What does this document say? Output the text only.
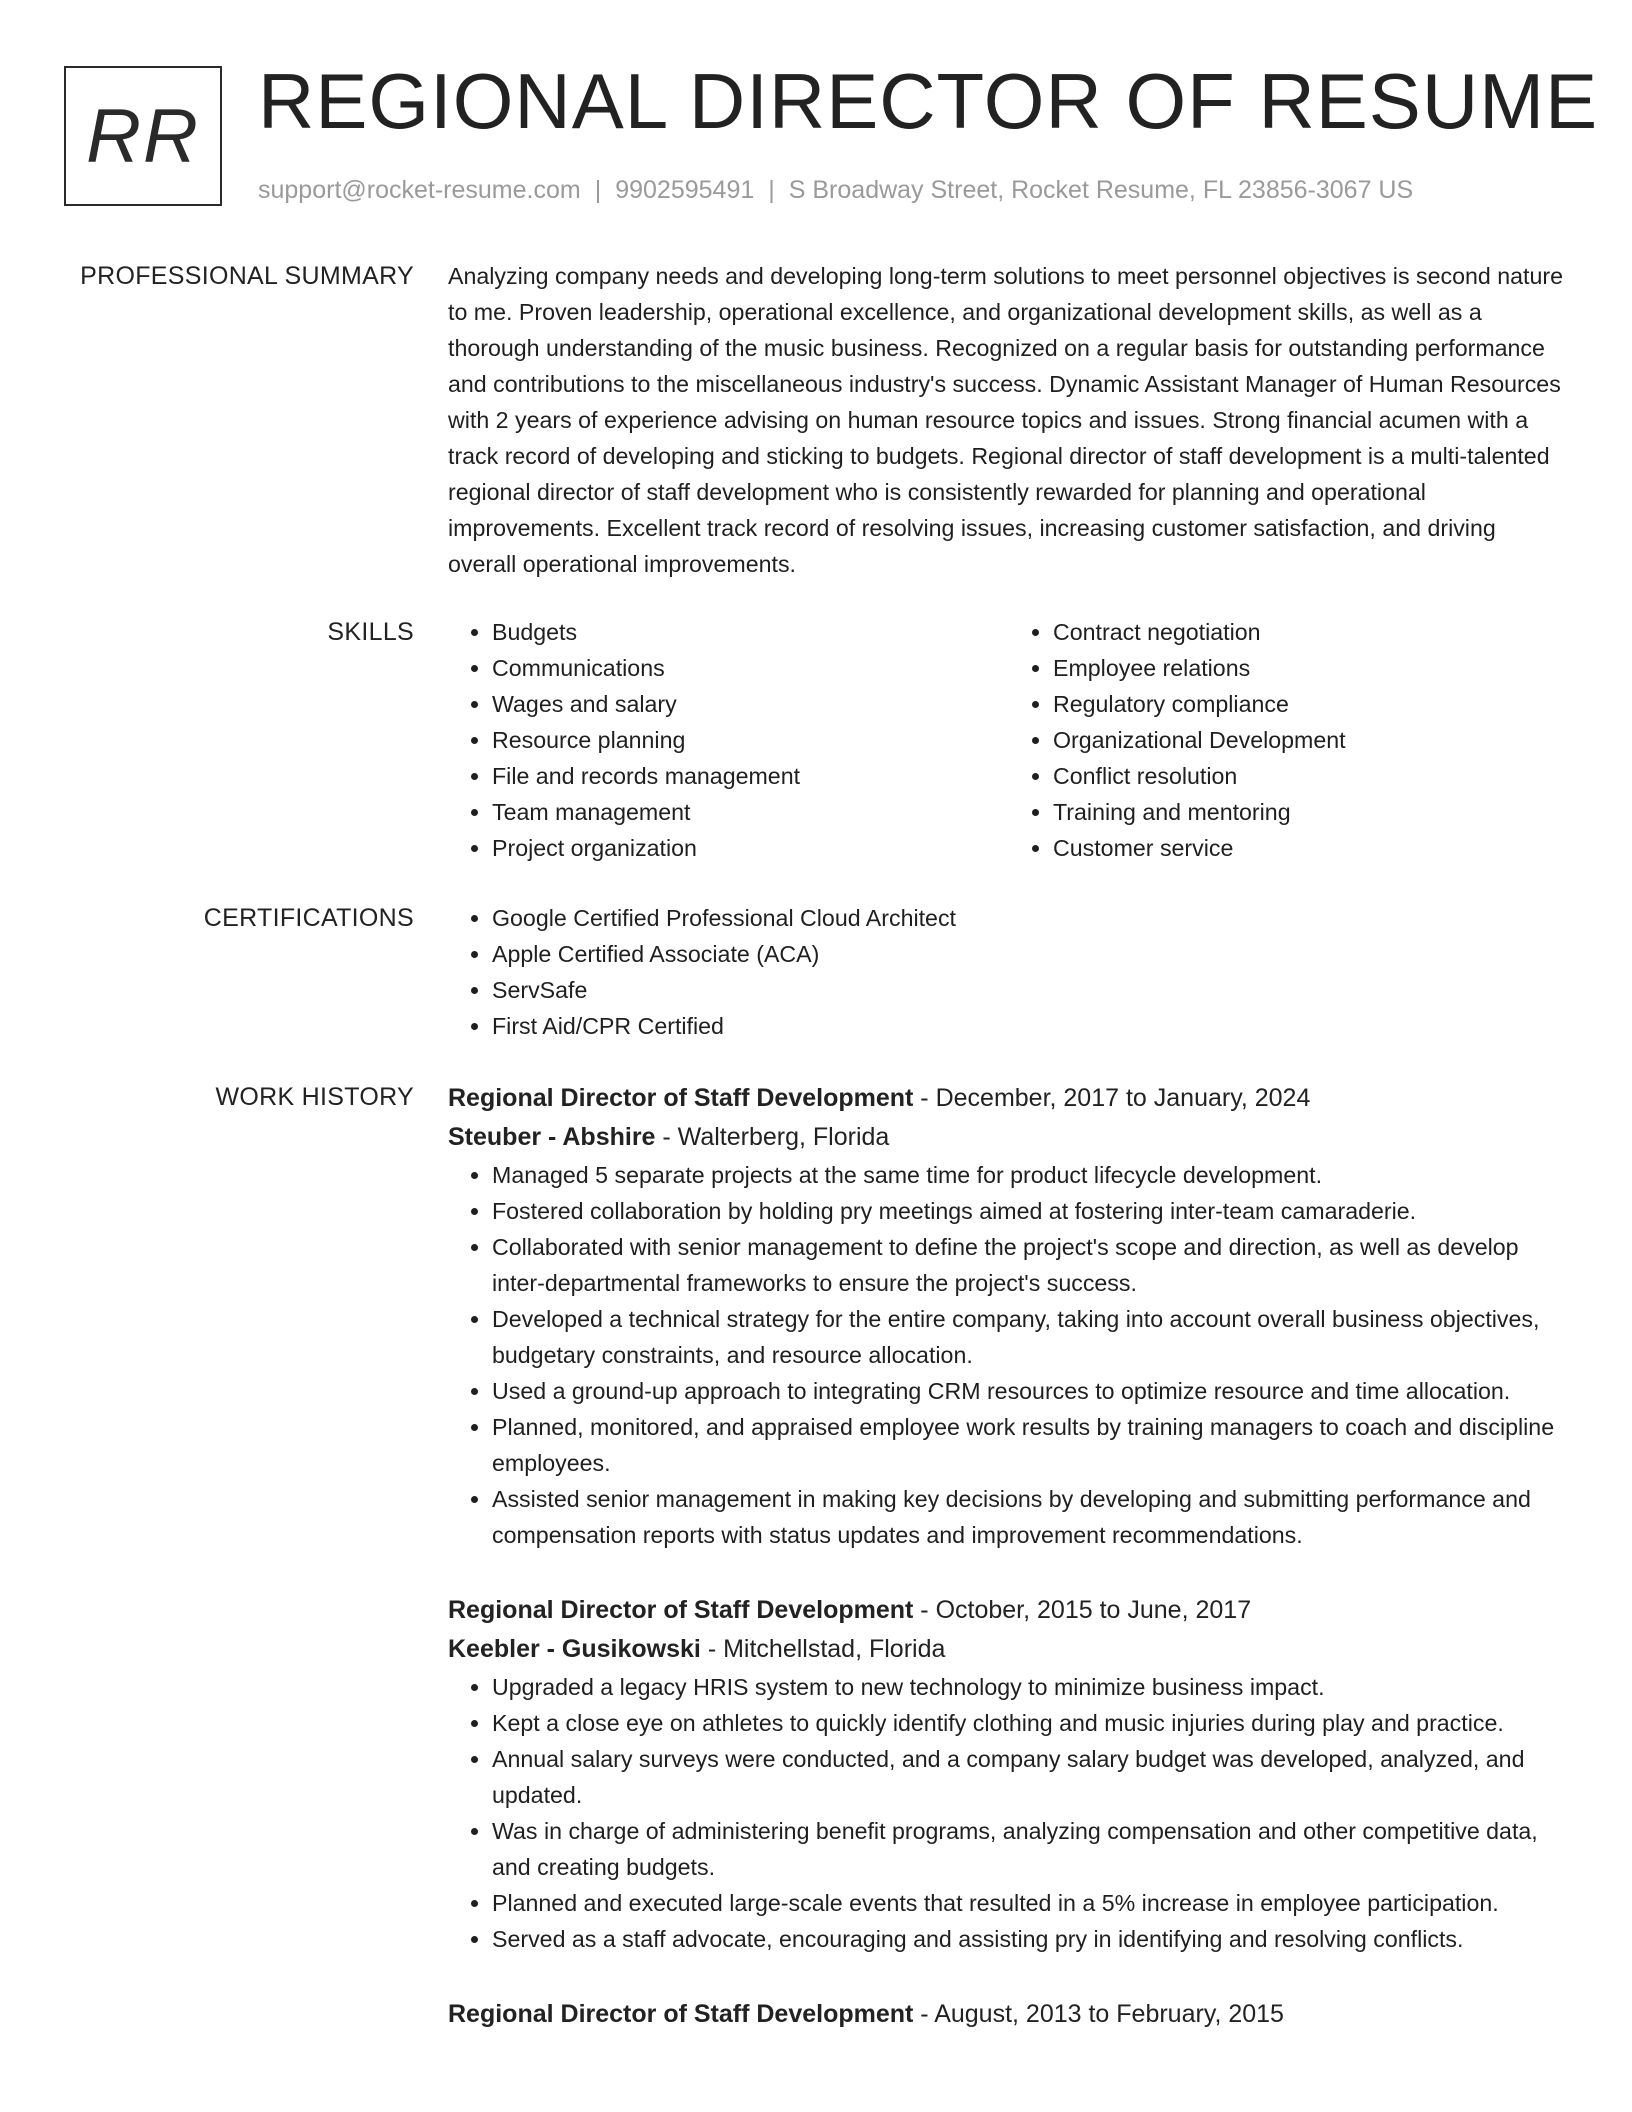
RR REGIONAL DIRECTOR OF RESUME
support@rocket-resume.com | 9902595491 | S Broadway Street, Rocket Resume, FL 23856-3067 US
PROFESSIONAL SUMMARY Analyzing company needs and developing long-term solutions to meet personnel objectives is second nature to me. Proven leadership, operational excellence, and organizational development skills, as well as a thorough understanding of the music business. Recognized on a regular basis for outstanding performance and contributions to the miscellaneous industry's success. Dynamic Assistant Manager of Human Resources with 2 years of experience advising on human resource topics and issues. Strong financial acumen with a track record of developing and sticking to budgets. Regional director of staff development is a multi-talented regional director of staff development who is consistently rewarded for planning and operational improvements. Excellent track record of resolving issues, increasing customer satisfaction, and driving overall operational improvements.
SKILLS	• Budgets
• Communications
• Wages and salary
• Resource planning
• File and records management
• Team management
• Project organization
• Contract negotiation
• Employee relations
• Regulatory compliance
• Organizational Development
• Conflict resolution
• Training and mentoring
• Customer service
CERTIFICATIONS	• Google Certified Professional Cloud Architect
• Apple Certified Associate (ACA)
• ServSafe
• First Aid/CPR Certified
WORK HISTORY Regional Director of Staff Development - December, 2017 to January, 2024
Steuber - Abshire - Walterberg, Florida
• Managed 5 separate projects at the same time for product lifecycle development.
• Fostered collaboration by holding pry meetings aimed at fostering inter-team camaraderie.
• Collaborated with senior management to define the project's scope and direction, as well as develop inter-departmental frameworks to ensure the project's success.
• Developed a technical strategy for the entire company, taking into account overall business objectives, budgetary constraints, and resource allocation.
• Used a ground-up approach to integrating CRM resources to optimize resource and time allocation.
• Planned, monitored, and appraised employee work results by training managers to coach and discipline employees.
• Assisted senior management in making key decisions by developing and submitting performance and compensation reports with status updates and improvement recommendations.
Regional Director of Staff Development - October, 2015 to June, 2017
Keebler - Gusikowski - Mitchellstad, Florida
• Upgraded a legacy HRIS system to new technology to minimize business impact.
• Kept a close eye on athletes to quickly identify clothing and music injuries during play and practice.
• Annual salary surveys were conducted, and a company salary budget was developed, analyzed, and updated.
• Was in charge of administering benefit programs, analyzing compensation and other competitive data, and creating budgets.
• Planned and executed large-scale events that resulted in a 5% increase in employee participation.
• Served as a staff advocate, encouraging and assisting pry in identifying and resolving conflicts.
Regional Director of Staff Development - August, 2013 to February, 2015
